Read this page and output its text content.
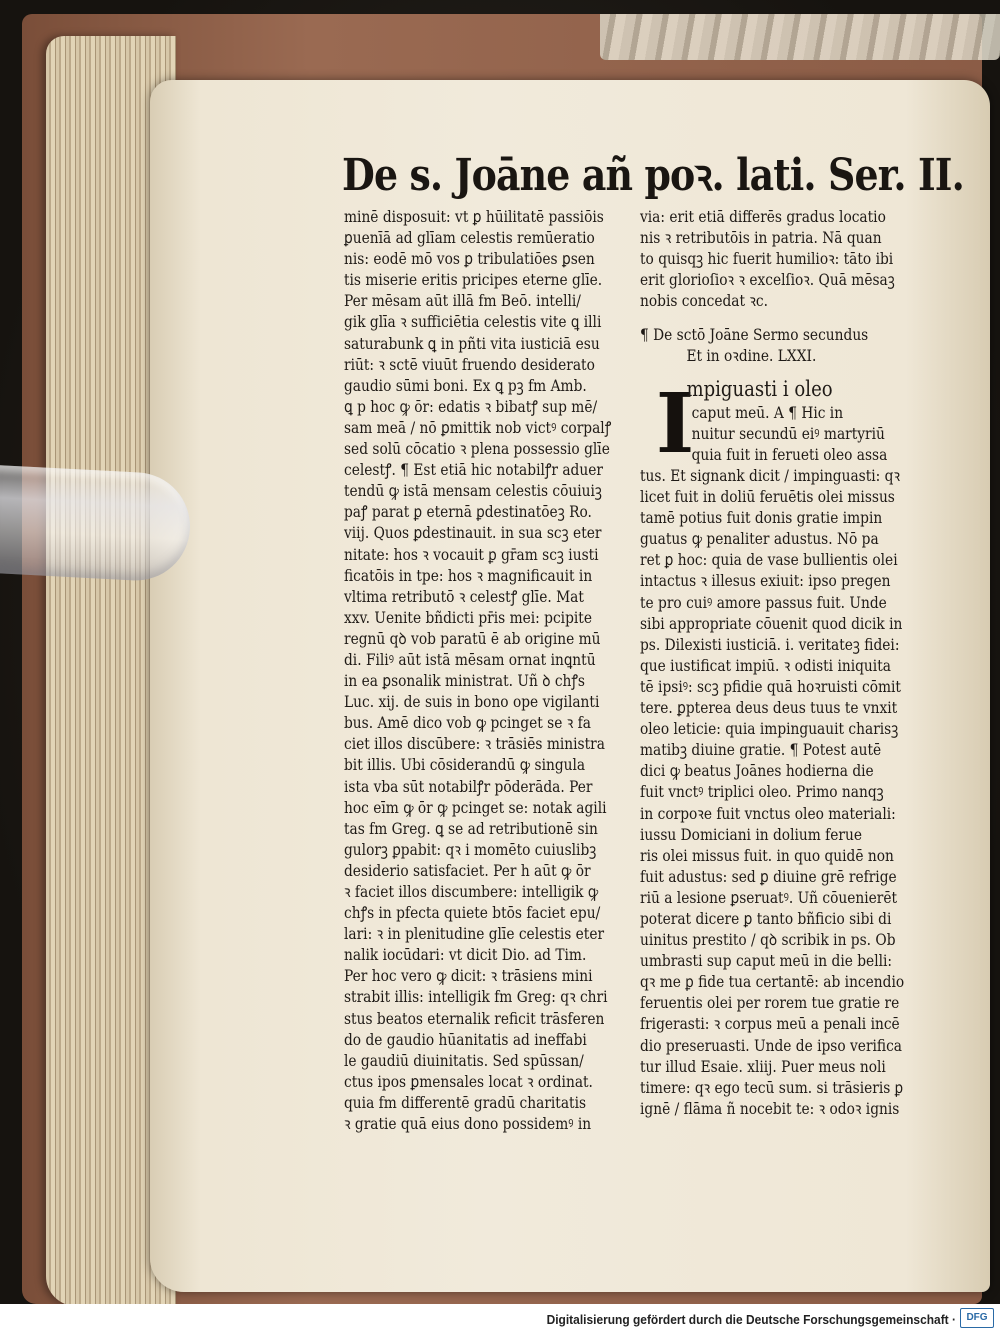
De s. Joāne añ poꝛ. lati. Ser. II.
minē disposuit: vt ꝑ hūilitatē passiōis
ꝑuenīā ad glīam celestis remūeratio
nis: eodē mō vos ꝑ tribulatiōes ꝑsen
tis miserie eritis pricipes eterne glīe.
Per mēsam aūt illā fm Beō. intelli/
gik glīa ꝛ sufficiētia celestis vite ꝗ illi
saturabunk ꝗ in pñti vita iusticiā esu
riūt: ꝛ sctē viuūt fruendo desiderato
gaudio sūmi boni. Ex ꝗ pꝫ fm Amb.
ꝗ p hoc ꝙ ōr: edatis ꝛ bibatꝭ sup mē/
sam meā / nō ꝑmittik nob victꝰ corpalꝭ
sed solū cōcatio ꝛ plena possessio glīe
celestꝭ. ¶ Est etiā hic notabilꝭr aduer
tendū ꝙ istā mensam celestis cōuiuiꝫ
paꝭ parat ꝑ eternā ꝑdestinatōeꝫ Ro.
viij. Quos ꝑdestinauit. in sua scꝫ eter
nitate: hos ꝛ vocauit ꝑ gr̄am scꝫ iusti
ficatōis in tpe: hos ꝛ magnificauit in
vltima retributō ꝛ celestꝭ glīe. Mat
xxv. Uenite bñdicti pr̄is mei: pcipite
regnū qꝺ vob paratū ē ab origine mū
di. Filiꝰ aūt istā mēsam ornat inꝗntū
in ea ꝑsonalik ministrat. Uñ ꝺ chꝭs
Luc. xij. de suis in bono ope vigilanti
bus. Amē dico vob ꝙ pcinget se ꝛ fa
ciet illos discūbere: ꝛ trāsiēs ministra
bit illis. Ubi cōsiderandū ꝙ singula
ista vba sūt notabilꝭr pōderāda. Per
hoc eīm ꝙ ōr ꝙ pcinget se: notak agili
tas fm Greg. ꝗ se ad retributionē sin
gulorꝫ ꝑpabit: qꝛ i momēto cuiuslibꝫ
desiderio satisfaciet. Per h aūt ꝙ ōr
ꝛ faciet illos discumbere: intelligik ꝙ
chꝭs in pfecta quiete btōs faciet epu/
lari: ꝛ in plenitudine glīe celestis eter
nalik iocūdari: vt dicit Dio. ad Tim.
Per hoc vero ꝙ dicit: ꝛ trāsiens mini
strabit illis: intelligik fm Greg: qꝛ chri
stus beatos eternalik reficit trāsferen
do de gaudio hūanitatis ad ineffabi
le gaudiū diuinitatis. Sed spūssan/
ctus ipos ꝑmensales locat ꝛ ordinat.
quia fm differentē gradū charitatis
ꝛ gratie quā eius dono possidemꝰ in
via: erit etiā differēs gradus locatio
nis ꝛ retributōis in patria. Nā quan
to quisqꝫ hic fuerit humilioꝛ: tāto ibi
erit glorioſioꝛ ꝛ excelſioꝛ. Quā mēsaꝫ
nobis concedat ꝛc.
¶ De sctō Joāne Sermo secundus
Et in oꝛdine. LXXI.
I
mpiguasti i oleo
caput meū. A ¶ Hic in
nuitur secundū eiꝰ martyriū
quia fuit in ferueti oleo assa
tus. Et signank dicit / impinguasti: qꝛ
licet fuit in doliū feruētis olei missus
tamē potius fuit donis gratie impin
guatus ꝙ penaliter adustus. Nō pa
ret ꝑ hoc: quia de vase bullientis olei
intactus ꝛ illesus exiuit: ipso pregen
te pro cuiꝰ amore passus fuit. Unde
sibi appropriate cōuenit quod dicik in
ps. Dilexisti iusticiā. i. veritateꝫ fidei:
que iustificat impiū. ꝛ odisti iniquita
tē ipsiꝰ: scꝫ pfidie quā hoꝛruisti cōmit
tere. ꝑpterea deus deus tuus te vnxit
oleo leticie: quia impinguauit charisꝫ
matibꝫ diuine gratie. ¶ Potest autē
dici ꝙ beatus Joānes hodierna die
fuit vnctꝰ triplici oleo. Primo nanqꝫ
in corpoꝛe fuit vnctus oleo materiali:
iussu Domiciani in dolium ferue
ris olei missus fuit. in quo quidē non
fuit adustus: sed ꝑ diuine grē refrige
riū a lesione ꝑseruatꝰ. Uñ cōuenierēt
poterat dicere ꝑ tanto bñficio sibi di
uinitus prestito / qꝺ scribik in ps. Ob
umbrasti sup caput meū in die belli:
qꝛ me ꝑ fide tua certantē: ab incendio
feruentis olei per rorem tue gratie re
frigerasti: ꝛ corpus meū a penali incē
dio preseruasti. Unde de ipso verifica
tur illud Esaie. xliij. Puer meus noli
timere: qꝛ ego tecū sum. si trāsieris ꝑ
ignē / flāma ñ nocebit te: ꝛ odoꝛ ignis
Digitalisierung gefördert durch die Deutsche Forschungsgemeinschaft ·	DFG
